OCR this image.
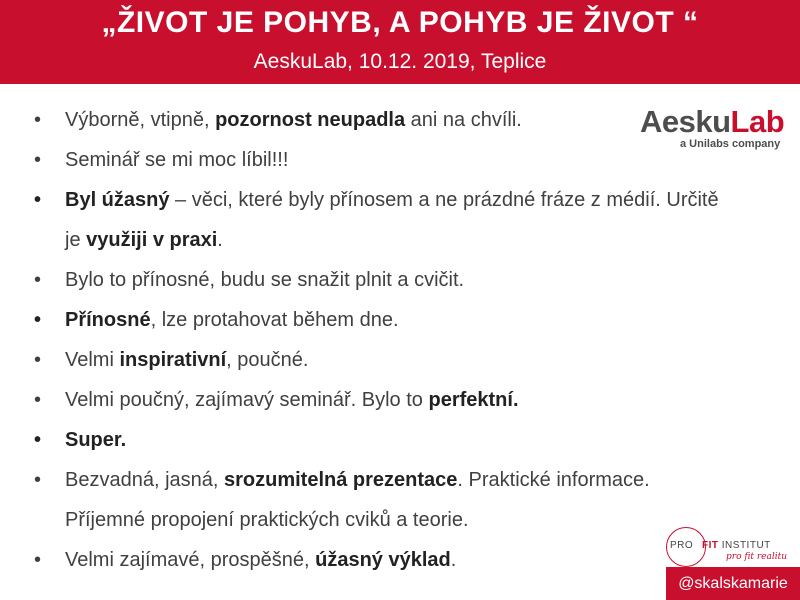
„ŽIVOT JE POHYB, A POHYB JE ŽIVOT “
AeskuLab, 10.12. 2019, Teplice
AeskuLab
a Unilabs company
• Výborně, vtipně, pozornost neupadla ani na chvíli.
• Seminář se mi moc líbil!!!
• Byl úžasný – věci, které byly přínosem a ne prázdné fráze z médií. Určitě je využiji v praxi.
• Bylo to přínosné, budu se snažit plnit a cvičit.
• Přínosné, lze protahovat během dne.
• Velmi inspirativní, poučné.
• Velmi poučný, zajímavý seminář. Bylo to perfektní.
• Super.
• Bezvadná, jasná, srozumitelná prezentace. Praktické informace. Příjemné propojení praktických cviků a teorie.
• Velmi zajímavé, prospěšné, úžasný výklad.
PRO FIT INSTITUT
pro fit realitu
@skalskamarie
